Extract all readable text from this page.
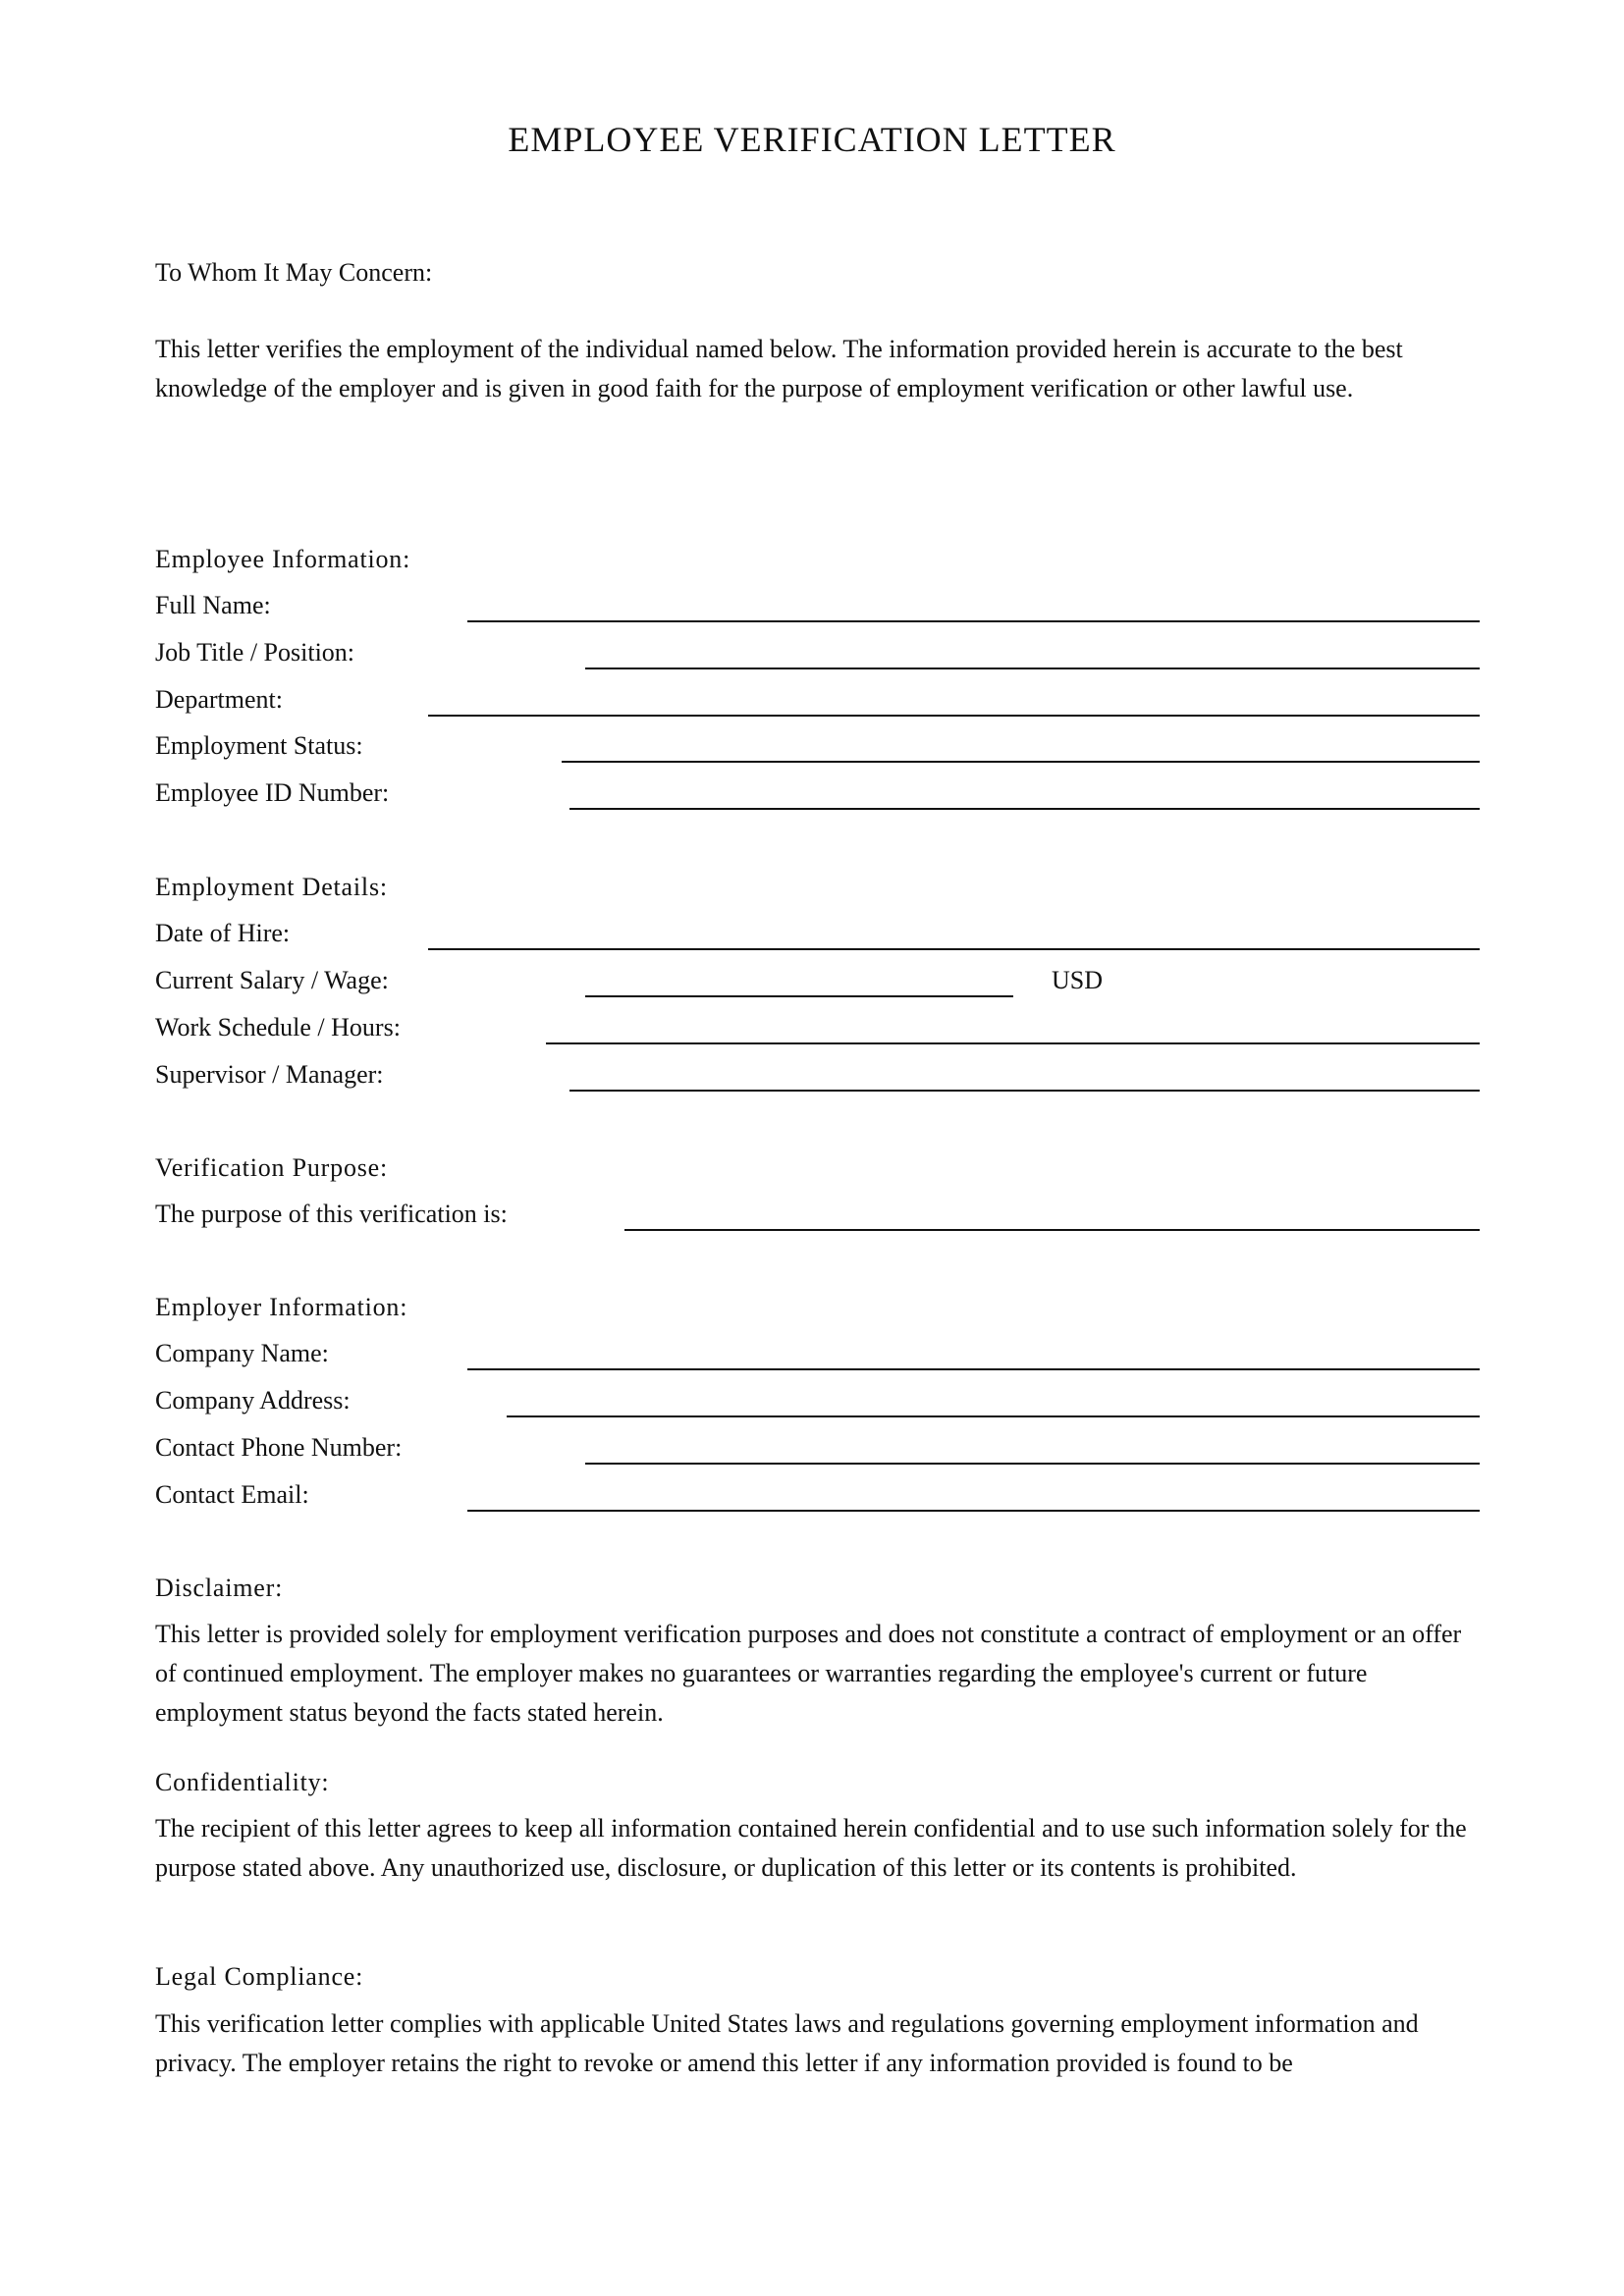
EMPLOYEE VERIFICATION LETTER
To Whom It May Concern:
This letter verifies the employment of the individual named below. The information provided herein is accurate to the best knowledge of the employer and is given in good faith for the purpose of employment verification or other lawful use.
Employee Information:
Full Name:
Job Title / Position:
Department:
Employment Status:
Employee ID Number:
Employment Details:
Date of Hire:
Current Salary / Wage:	USD
Work Schedule / Hours:
Supervisor / Manager:
Verification Purpose:
The purpose of this verification is:
Employer Information:
Company Name:
Company Address:
Contact Phone Number:
Contact Email:
Disclaimer:
This letter is provided solely for employment verification purposes and does not constitute a contract of employment or an offer of continued employment. The employer makes no guarantees or warranties regarding the employee's current or future employment status beyond the facts stated herein.
Confidentiality:
The recipient of this letter agrees to keep all information contained herein confidential and to use such information solely for the purpose stated above. Any unauthorized use, disclosure, or duplication of this letter or its contents is prohibited.
Legal Compliance:
This verification letter complies with applicable United States laws and regulations governing employment information and privacy. The employer retains the right to revoke or amend this letter if any information provided is found to be
